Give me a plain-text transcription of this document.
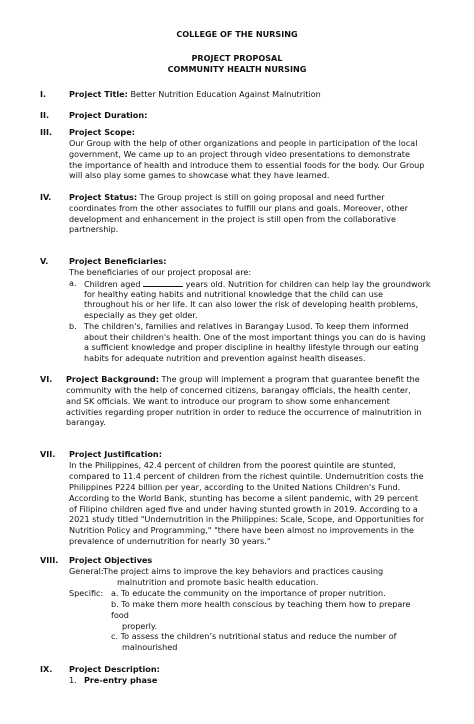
COLLEGE OF THE NURSING
PROJECT PROPOSAL
COMMUNITY HEALTH NURSING
I.	Project Title: Better Nutrition Education Against Malnutrition
II. Project Duration:
III. Project Scope:
Our Group with the help of other organizations and people in participation of the local
government, We came up to an project through video presentations to demonstrate
the importance of health and introduce them to essential foods for the body. Our Group
will also play some games to showcase what they have learned.
IV. Project Status: The Group project is still on going proposal and need further
coordinates from the other associates to fulfill our plans and goals. Moreover, other
development and enhancement in the project is still open from the collaborative
partnership.
V.	Project Beneficiaries:
The beneficiaries of our project proposal are:
a. Children aged	years old. Nutrition for children can help lay the groundwork
for healthy eating habits and nutritional knowledge that the child can use
throughout his or her life. It can also lower the risk of developing health problems,
especially as they get older.
b. The children's, families and relatives in Barangay Lusod. To keep them informed
about their children's health. One of the most important things you can do is having
a sufficient knowledge and proper discipline in healthy lifestyle through our eating
habits for adequate nutrition and prevention against health diseases.
VI. Project Background: The group will implement a program that guarantee benefit the
community with the help of concerned citizens, barangay officials, the health center,
and SK officials. We want to introduce our program to show some enhancement
activities regarding proper nutrition in order to reduce the occurrence of malnutrition in
barangay.
VII. Project Justification:
In the Philippines, 42.4 percent of children from the poorest quintile are stunted,
compared to 11.4 percent of children from the richest quintile. Undernutrition costs the
Philippines P224 billion per year, according to the United Nations Children's Fund.
According to the World Bank, stunting has become a silent pandemic, with 29 percent
of Filipino children aged five and under having stunted growth in 2019. According to a
2021 study titled "Undernutrition in the Philippines: Scale, Scope, and Opportunities for
Nutrition Policy and Programming," "there have been almost no improvements in the
prevalence of undernutrition for nearly 30 years."
VIII. Project Objectives
General: The project aims to improve the key behaviors and practices causing
malnutrition and promote basic health education.
Specific: a. To educate the community on the importance of proper nutrition.
b. To make them more health conscious by teaching them how to prepare
food
properly.
c. To assess the children’s nutritional status and reduce the number of
malnourished
IX. Project Description:
1. Pre-entry phase
